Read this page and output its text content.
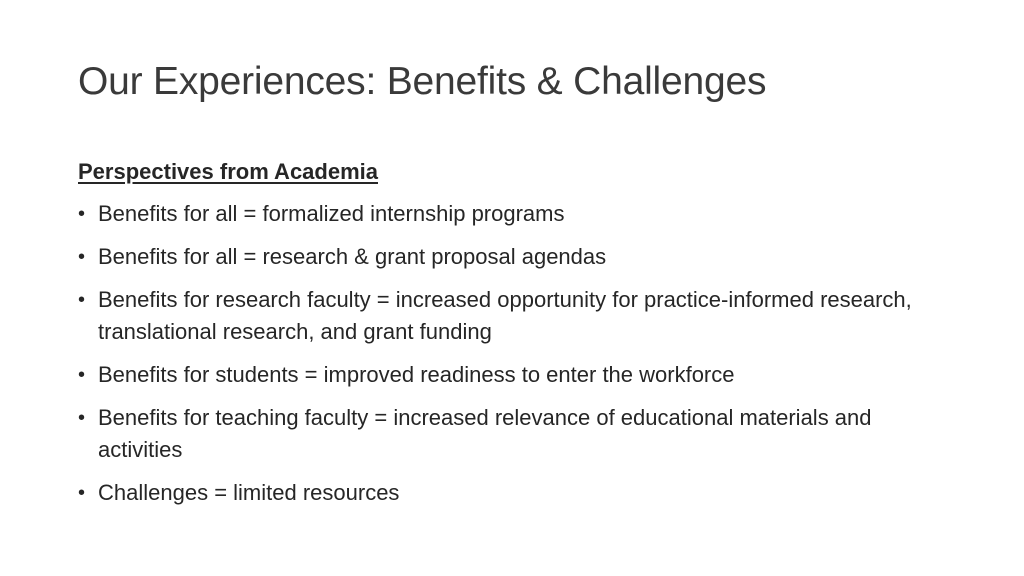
Our Experiences: Benefits & Challenges

Perspectives from Academia

• Benefits for all = formalized internship programs
• Benefits for all = research & grant proposal agendas
• Benefits for research faculty = increased opportunity for practice-informed research, translational research, and grant funding
• Benefits for students = improved readiness to enter the workforce
• Benefits for teaching faculty = increased relevance of educational materials and activities
• Challenges = limited resources
